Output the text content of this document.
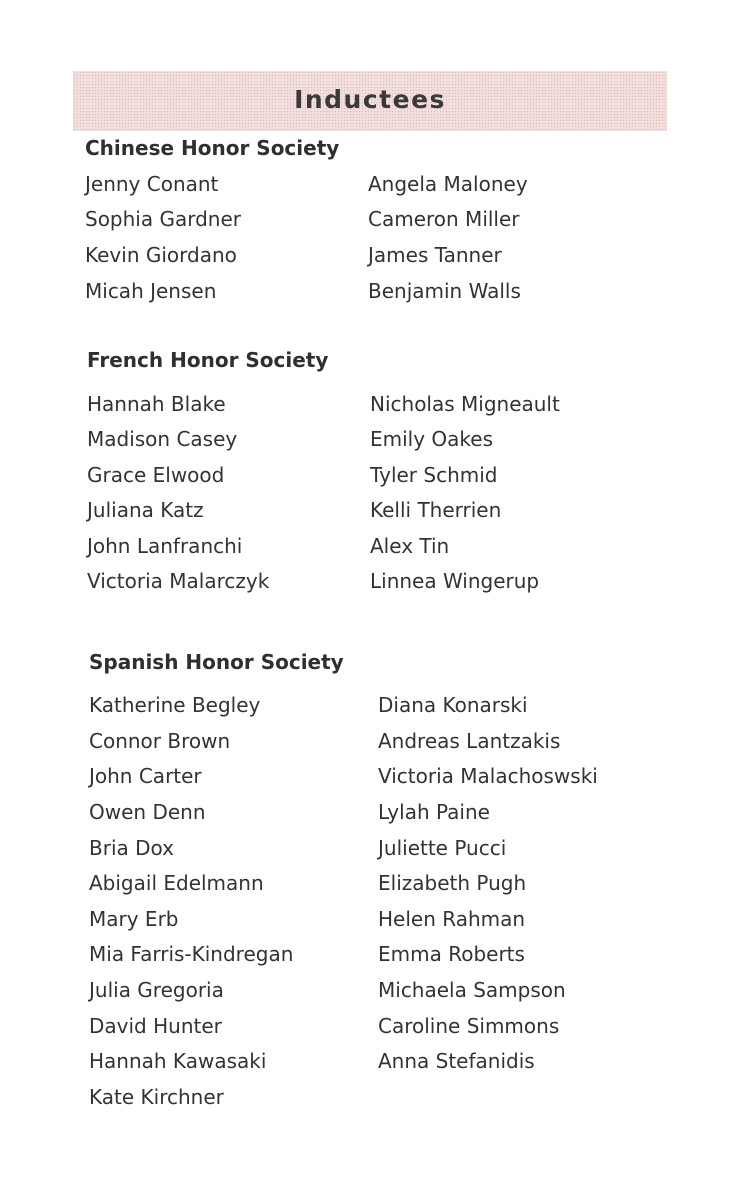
Inductees
Chinese Honor Society
Jenny Conant
Sophia Gardner
Kevin Giordano
Micah Jensen
Angela Maloney
Cameron Miller
James Tanner
Benjamin Walls
French Honor Society
Hannah Blake
Madison Casey
Grace Elwood
Juliana Katz
John Lanfranchi
Victoria Malarczyk
Nicholas Migneault
Emily Oakes
Tyler Schmid
Kelli Therrien
Alex Tin
Linnea Wingerup
Spanish Honor Society
Katherine Begley
Connor Brown
John Carter
Owen Denn
Bria Dox
Abigail Edelmann
Mary Erb
Mia Farris-Kindregan
Julia Gregoria
David Hunter
Hannah Kawasaki
Kate Kirchner
Diana Konarski
Andreas Lantzakis
Victoria Malachoswski
Lylah Paine
Juliette Pucci
Elizabeth Pugh
Helen Rahman
Emma Roberts
Michaela Sampson
Caroline Simmons
Anna Stefanidis
